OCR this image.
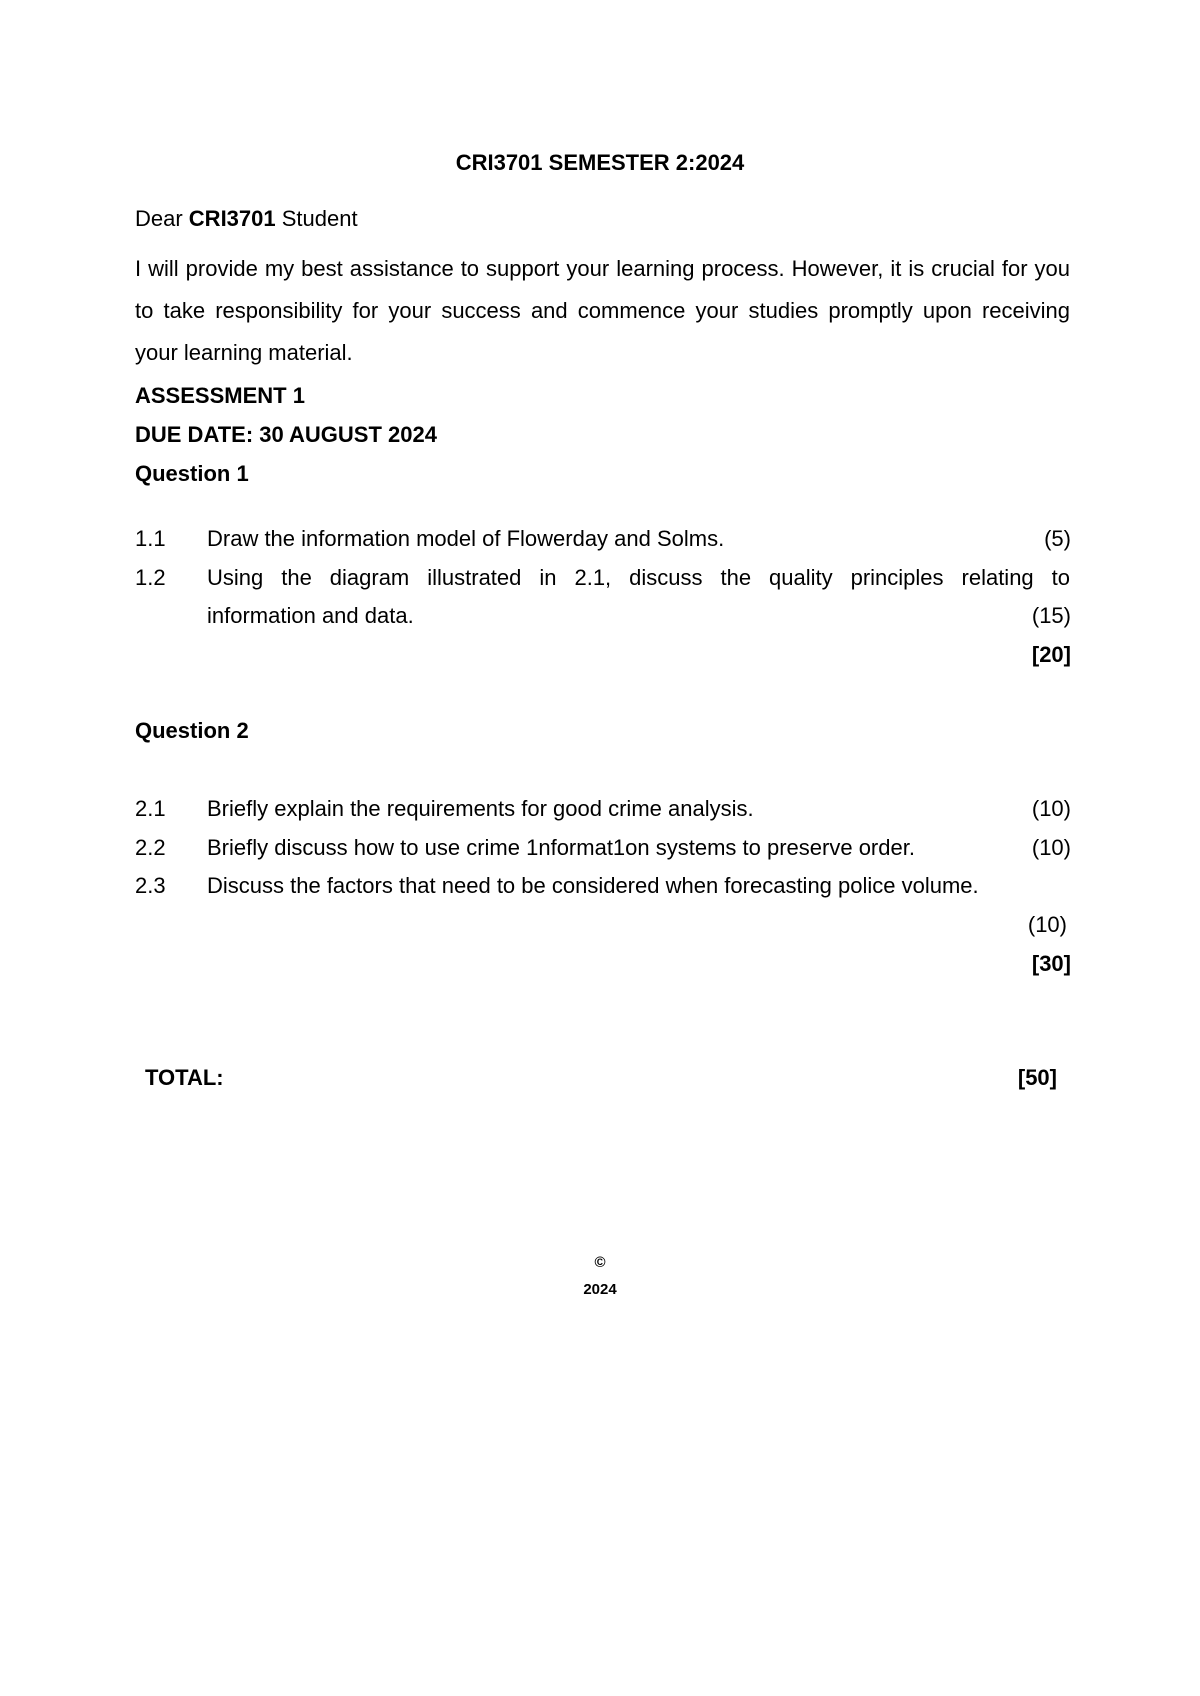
CRI3701 SEMESTER 2:2024
Dear CRI3701 Student
I will provide my best assistance to support your learning process. However, it is crucial for you to take responsibility for your success and commence your studies promptly upon receiving your learning material.
ASSESSMENT 1
DUE DATE: 30 AUGUST 2024
Question 1
1.1 Draw the information model of Flowerday and Solms.	(5)
1.2 Using the diagram illustrated in 2.1, discuss the quality principles relating to
information and data.	(15)
[20]
Question 2
2.1 Briefly explain the requirements for good crime analysis.	(10)
2.2 Briefly discuss how to use crime 1nformat1on systems to preserve order.	(10)
2.3 Discuss the factors that need to be considered when forecasting police volume.
(10)
[30]
TOTAL:	[50]
©
2024
